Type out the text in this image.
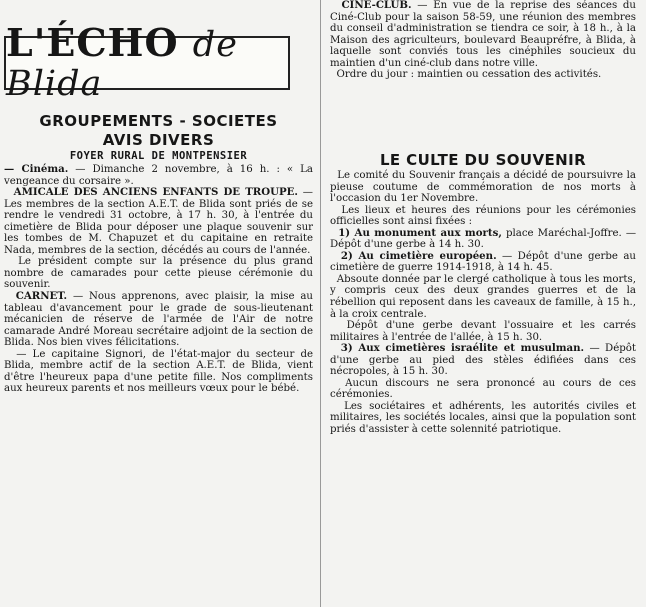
L'ÉCHO de Blida
GROUPEMENTS - SOCIETES
AVIS DIVERS
FOYER RURAL DE MONTPENSIER

— Cinéma. — Dimanche 2 novembre, à 16 h. : « La vengeance du corsaire ».

AMICALE DES ANCIENS ENFANTS DE TROUPE. — Les membres de la section A.E.T. de Blida sont priés de se rendre le vendredi 31 octobre, à 17 h. 30, à l'entrée du cimetière de Blida pour déposer une plaque souvenir sur les tombes de M. Chapuzet et du capitaine en retraite Nada, membres de la section, décédés au cours de l'année.

Le président compte sur la présence du plus grand nombre de camarades pour cette pieuse cérémonie du souvenir.

CARNET. — Nous apprenons, avec plaisir, la mise au tableau d'avancement pour le grade de sous-lieutenant mécanicien de réserve de l'armée de l'Air de notre camarade André Moreau secrétaire adjoint de la section de Blida. Nos bien vives félicitations.

— Le capitaine Signori, de l'état-major du secteur de Blida, membre actif de la section A.E.T. de Blida, vient d'être l'heureux papa d'une petite fille. Nos compliments aux heureux parents et nos meilleurs vœux pour le bébé.

CINE-CLUB. — En vue de la reprise des séances du Ciné-Club pour la saison 58-59, une réunion des membres du conseil d'administration se tiendra ce soir, à 18 h., à la Maison des agriculteurs, boulevard Beaupréfre, à Blida, à laquelle sont conviés tous les cinéphiles soucieux du maintien d'un ciné-club dans notre ville.

Ordre du jour : maintien ou cessation des activités.

LE CULTE DU SOUVENIR

Le comité du Souvenir français a décidé de poursuivre la pieuse coutume de commémoration de nos morts à l'occasion du 1er Novembre.

Les lieux et heures des réunions pour les cérémonies officielles sont ainsi fixées :

1) Au monument aux morts, place Maréchal-Joffre. — Dépôt d'une gerbe à 14 h. 30.

2) Au cimetière européen. — Dépôt d'une gerbe au cimetière de guerre 1914-1918, à 14 h. 45.

Absoute donnée par le clergé catholique à tous les morts, y compris ceux des deux grandes guerres et de la rébellion qui reposent dans les caveaux de famille, à 15 h., à la croix centrale.

Dépôt d'une gerbe devant l'ossuaire et les carrés militaires à l'entrée de l'allée, à 15 h. 30.

3) Aux cimetières israélite et musulman. — Dépôt d'une gerbe au pied des stèles édifiées dans ces nécropoles, à 15 h. 30.

Aucun discours ne sera prononcé au cours de ces cérémonies.

Les sociétaires et adhérents, les autorités civiles et militaires, les sociétés locales, ainsi que la population sont priés d'assister à cette solennité patriotique.
